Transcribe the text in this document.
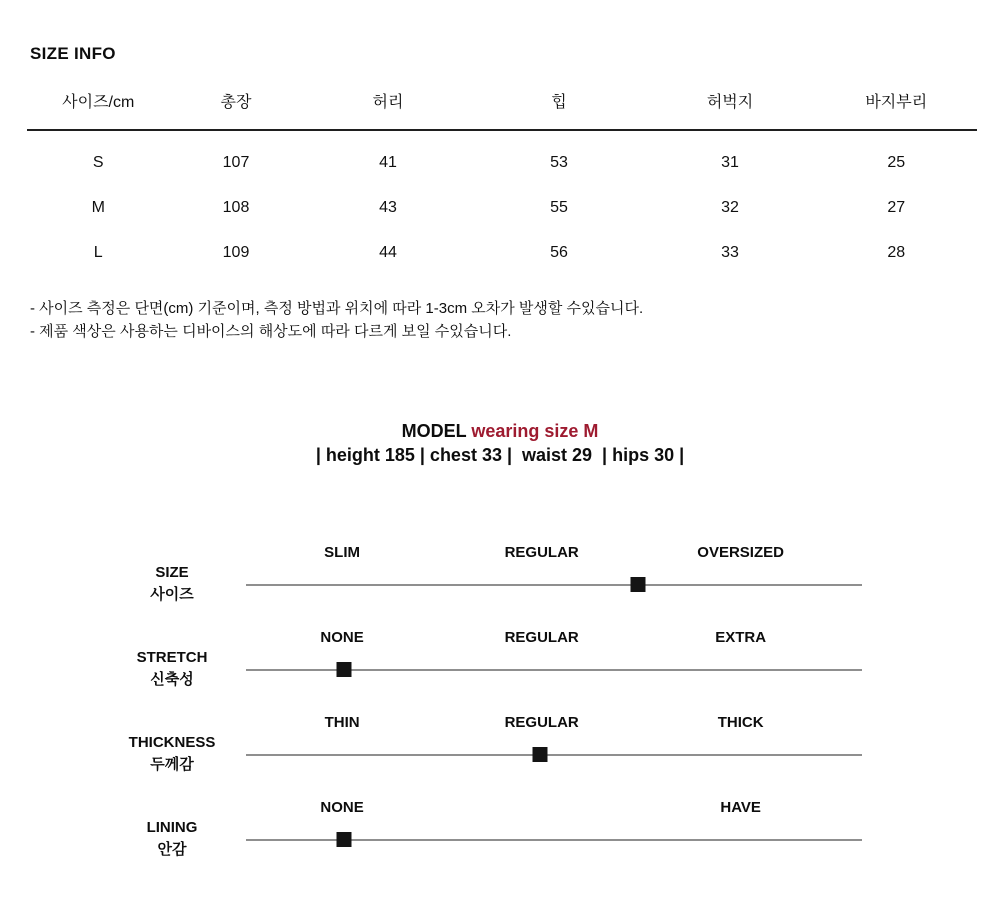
SIZE INFO
사이즈/cm	총장	허리	힙	허벅지	바지부리
S	107	41	53	31	25
M	108	43	55	32	27
L	109	44	56	33	28
- 사이즈 측정은 단면(cm) 기준이며, 측정 방법과 위치에 따라 1-3cm 오차가 발생할 수있습니다.
- 제품 색상은 사용하는 디바이스의 해상도에 따라 다르게 보일 수있습니다.
MODEL wearing size M
| height 185 | chest 33 |  waist 29  | hips 30 |
SIZE
사이즈
SLIM	REGULAR	OVERSIZED
STRETCH
신축성
NONE	REGULAR	EXTRA
THICKNESS
두께감
THIN	REGULAR	THICK
LINING
안감
NONE	HAVE
